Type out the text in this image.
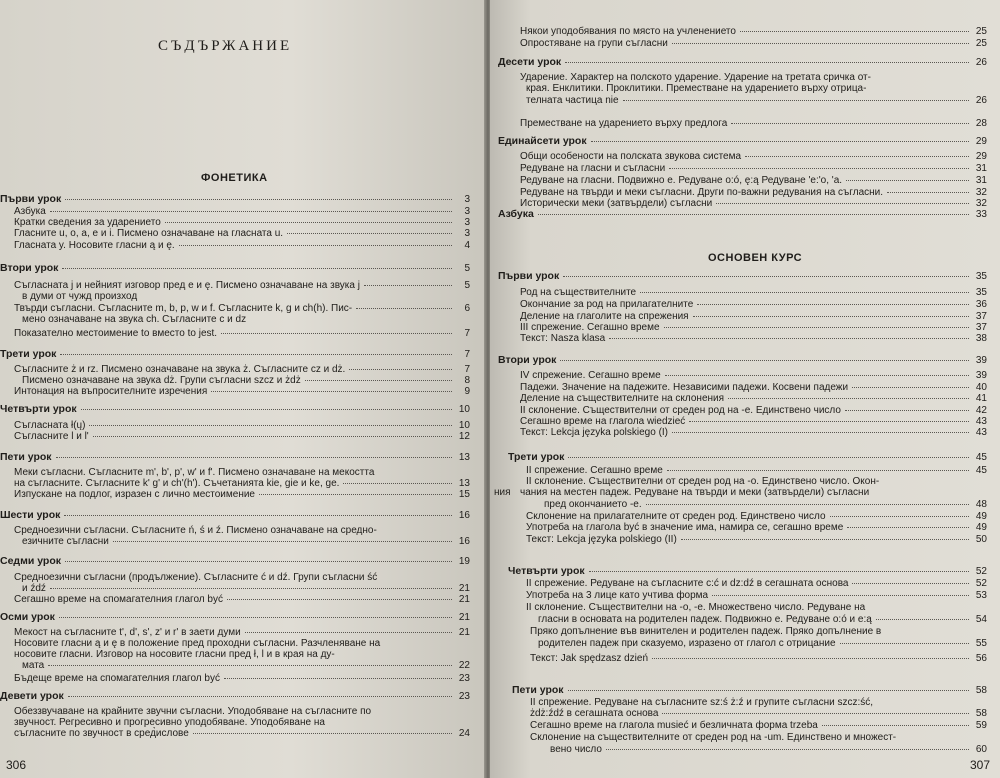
СЪДЪРЖАНИЕ
ФОНЕТИКА
Първи урок	3
Азбука	3
Кратки сведения за ударението	3
Гласните u, o, a, e и i. Писмено означаване на гласната u.	3
Гласната y. Носовите гласни ą и ę.	4
Втори урок	5
Съгласната j и нейният изговор пред е и ę. Писмено означаване на звука j	5
Твърди съгласни. Съгласните m, b, p, w и f. Съгласните k, g и ch(h). Пис-	6
Показателно местоимение to вместо to jest.	7
Трети урок	7
Съгласните ż и rz. Писмено означаване на звука ż. Съгласните cz и dż.	7
Писмено означаване на звука dż. Групи съгласни szcz и żdż	8
Интонация на въпросителните изречения	9
Четвърти урок	10
Съгласната ł(ų)	10
Съгласните l и l'	12
Пети урок	13
Меки съгласни. Съгласните m', b', p', w' и f'. Писмено означаване на мекостта
на съгласните. Съгласните k' g' и ch'(h'). Съчетанията kie, gie и ke, ge.	13
Изпускане на подлог, изразен с лично местоимение	15
Шести урок	16
Средноезични съгласни. Съгласните ń, ś и ź. Писмено означаване на средно-
езичните съгласни	16
Седми урок	19
Средноезични съгласни (продължение). Съгласните ć и dź. Групи съгласни ść
и źdź	21
Сегашно време на спомагателния глагол być	21
Осми урок	21
Мекост на съгласните t', d', s', z' и r' в заети думи	21
Носовите гласни ą и ę в положение пред проходни съгласни. Разчленяване на
носовите гласни. Изговор на носовите гласни пред ł, l и в края на ду-
мата	22
Бъдеще време на спомагателния глагол być	23
Девети урок	23
Обеззвучаване на крайните звучни съгласни. Уподобяване на съгласните по
звучност. Регресивно и прогресивно уподобяване. Уподобяване на
съгласните по звучност в сред̀ислове	24
в думи от чужд произход
мено означаване на звука ch. Съгласните c и dz
306
ОСНОВЕН КУРС
Някои уподобявания по място на учленението	25
Опростяване на групи съгласни	25
Десети урок	26
Ударение. Характер на полското ударение. Ударение на третата сричка от-
края. Енклитики. Проклитики. Преместване на ударението върху отрица-
телната частица nie	26
Преместване на ударението върху предлога	28
Единайсети урок	29
Общи особености на полската звукова система	29
Редуване на гласни и съгласни	31
Редуване на гласни. Подвижно е. Редуване o:ó, ę:ą Редуване 'e:'o, 'a.	31
Редуване на твърди и меки съгласни. Други по-важни редувания на съгласни.	32
Исторически меки (затвърдели) съгласни	32
Азбука	33
Първи урок	35
Род на съществителните	35
Окончание за род на прилагателните	36
Деление на глаголите на спрежения	37
III спрежение. Сегашно време	37
Текст: Nasza klasa	38
Втори урок	39
IV спрежение. Сегашно време	39
Падежи. Значение на падежите. Независими падежи. Косвени падежи	40
Деление на съществителните на склонения	41
II склонение. Съществителни от среден род на -е. Единствено число	42
Сегашно време на глагола wiedzieć	43
Текст: Lekcja języka polskiego (I)	43
Трети урок	45
II спрежение. Сегашно време	45
II склонение. Съществителни от среден род на -о. Единствено число. Окон-
чания на местен падеж. Редуване на твърди и меки (затвърдели) съгласни
пред окончанието -е.	48
Склонение на прилагателните от среден род. Единствено число	49
Употреба на глагола być в значение има, намира се, сегашно време	49
Текст: Lekcja języka polskiego (II)	50
Четвърти урок	52
II спрежение. Редуване на съгласните c:ć и dz:dź в сегашната основа	52
Употреба на 3 лице като учтива форма	53
II склонение. Съществителни на -о, -е. Множествено число. Редуване на
гласни в основата на родителен падеж. Подвижно е. Редуване о:ó и е:ą	54
Пряко допълнение във винителен и родителен падеж. Пряко допълнение в
родителен падеж при сказуемо, изразено от глагол с отрицание	55
Текст: Jak spędzasz dzień	56
Пети урок	58
II спрежение. Редуване на съгласните sz:ś ż:ź и групите съгласни szcz:ść,
żdż:źdź в сегашната основа	58
Сегашно време на глагола musieć и безличната форма trzeba	59
Склонение на съществителните от среден род на -um. Единствено и множест-
вено число	60
ния
307
